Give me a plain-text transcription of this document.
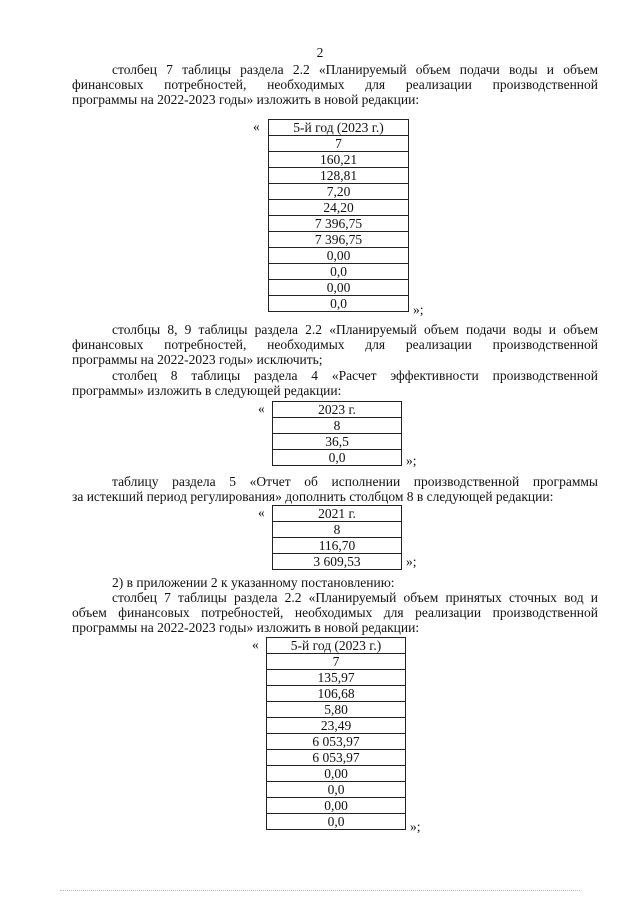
2
столбец 7 таблицы раздела 2.2 «Планируемый объем подачи воды и объем
финансовых потребностей, необходимых для реализации производственной
программы на 2022-2023 годы» изложить в новой редакции:
« 5-й год (2023 г.)
7
160,21
128,81
7,20
24,20
7 396,75
7 396,75
0,00
0,0
0,00
0,0	»;
столбцы 8, 9 таблицы раздела 2.2 «Планируемый объем подачи воды и объем
финансовых потребностей, необходимых для реализации производственной
программы на 2022-2023 годы» исключить;
столбец 8 таблицы раздела 4 «Расчет эффективности производственной
программы» изложить в следующей редакции:
«	2023 г.
8
36,5
0,0	»;
таблицу раздела 5 «Отчет об исполнении производственной программы
за истекший период регулирования» дополнить столбцом 8 в следующей редакции:
«	2021 г.
8
116,70
3 609,53	»;
2) в приложении 2 к указанному постановлению:
столбец 7 таблицы раздела 2.2 «Планируемый объем принятых сточных вод и
объем финансовых потребностей, необходимых для реализации производственной
программы на 2022-2023 годы» изложить в новой редакции:
« 5-й год (2023 г.)
7
135,97
106,68
5,80
23,49
6 053,97
6 053,97
0,00
0,0
0,00
0,0	»;
